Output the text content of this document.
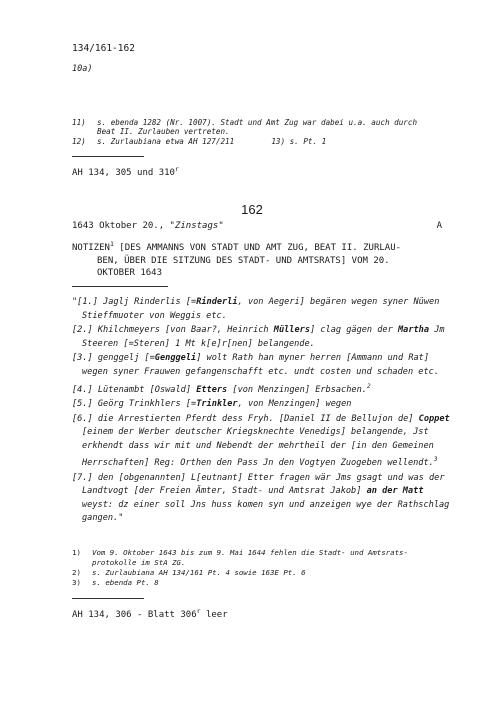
134/161-162
10a)
11) s. ebenda 1282 (Nr. 1007). Stadt und Amt Zug war dabei u.a. auch durch
Beat II. Zurlauben vertreten.
12) s. Zurlaubiana etwa AH 127/211	13) s. Pt. 1
AH 134, 305 und 310$^r$
162
1643 Oktober 20., "Zinstags"	A
NOTIZEN$^1$ [DES AMMANNS VON STADT UND AMT ZUG, BEAT II. ZURLAU-
BEN, ÜBER DIE SITZUNG DES STADT- UND AMTSRATS] VOM 20.
OKTOBER 1643

"[1.] Jaglj Rinderlis [=Rinderli, von Aegeri] begären wegen syner Nüwen Stieffmuoter von Weggis etc.

[2.] Khilchmeyers [von Baar?, Heinrich Müllers] clag gägen der Martha Jm Steeren [=Steren] 1 Mt k[e]r[nen] belangende.

[3.] genggelj [=Genggeli] wolt Rath han myner herren [Ammann und Rat] wegen syner Frauwen gefangenschafft etc. undt costen und schaden etc.

[4.] Lütenambt [Oswald] Etters [von Menzingen] Erbsachen.$^2$

[5.] Geörg Trinkhlers [=Trinkler, von Menzingen] wegen

[6.] die Arrestierten Pferdt dess Fryh. [Daniel II de Bellujon de] Coppet [einem der Werber deutscher Kriegsknechte Venedigs] belangende, Jst erkhendt dass wir mit und Nebendt der mehrtheil der [in den Gemeinen Herrschaften] Reg: Orthen den Pass Jn den Vogtyen Zuogeben wellendt.$^3$

[7.] den [obgenannten] L[eutnant] Etter fragen wär Jms gsagt und was der Landtvogt [der Freien Ämter, Stadt- und Amtsrat Jakob] an der Matt weyst: dz einer soll Jns huss komen syn und anzeigen wye der Rathschlag gangen."

1) Vom 9. Oktober 1643 bis zum 9. Mai 1644 fehlen die Stadt- und Amtsrats-
protokolle im StA ZG.
2) s. Zurlaubiana AH 134/161 Pt. 4 sowie 163E Pt. 6
3) s. ebenda Pt. 8
AH 134, 306 - Blatt 306$^r$ leer
